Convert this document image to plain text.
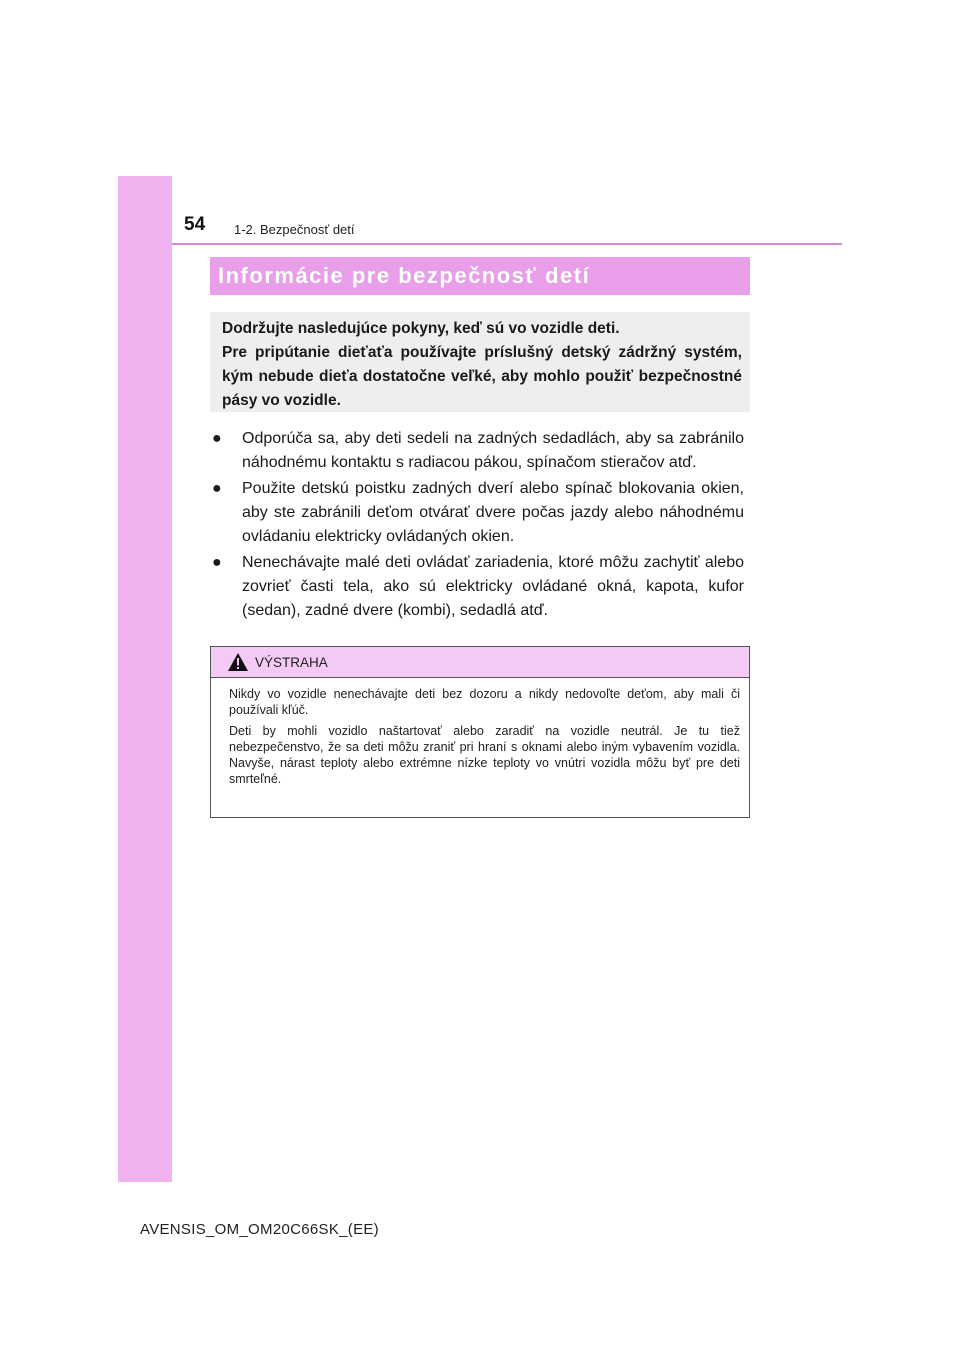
54 1-2. Bezpečnosť detí
Informácie pre bezpečnosť detí

Dodržujte nasledujúce pokyny, keď sú vo vozidle deti.

Pre pripútanie dieťaťa používajte príslušný detský zádržný systém, kým nebude dieťa dostatočne veľké, aby mohlo použiť bezpečnostné pásy vo vozidle.

●	Odporúča sa, aby deti sedeli na zadných sedadlách, aby sa zabránilo náhodnému kontaktu s radiacou pákou, spínačom stieračov atď.
●	Použite detskú poistku zadných dverí alebo spínač blokovania okien, aby ste zabránili deťom otvárať dvere počas jazdy alebo náhodnému ovládaniu elektricky ovládaných okien.
●	Nenechávajte malé deti ovládať zariadenia, ktoré môžu zachytiť alebo zovrieť časti tela, ako sú elektricky ovládané okná, kapota, kufor (sedan), zadné dvere (kombi), sedadlá atď.
VÝSTRAHA

Nikdy vo vozidle nenechávajte deti bez dozoru a nikdy nedovoľte deťom, aby mali či používali kľúč.

Deti by mohli vozidlo naštartovať alebo zaradiť na vozidle neutrál. Je tu tiež nebezpečenstvo, že sa deti môžu zraniť pri hraní s oknami alebo iným vybavením vozidla. Navyše, nárast teploty alebo extrémne nízke teploty vo vnútri vozidla môžu byť pre deti smrteľné.

AVENSIS_OM_OM20C66SK_(EE)
